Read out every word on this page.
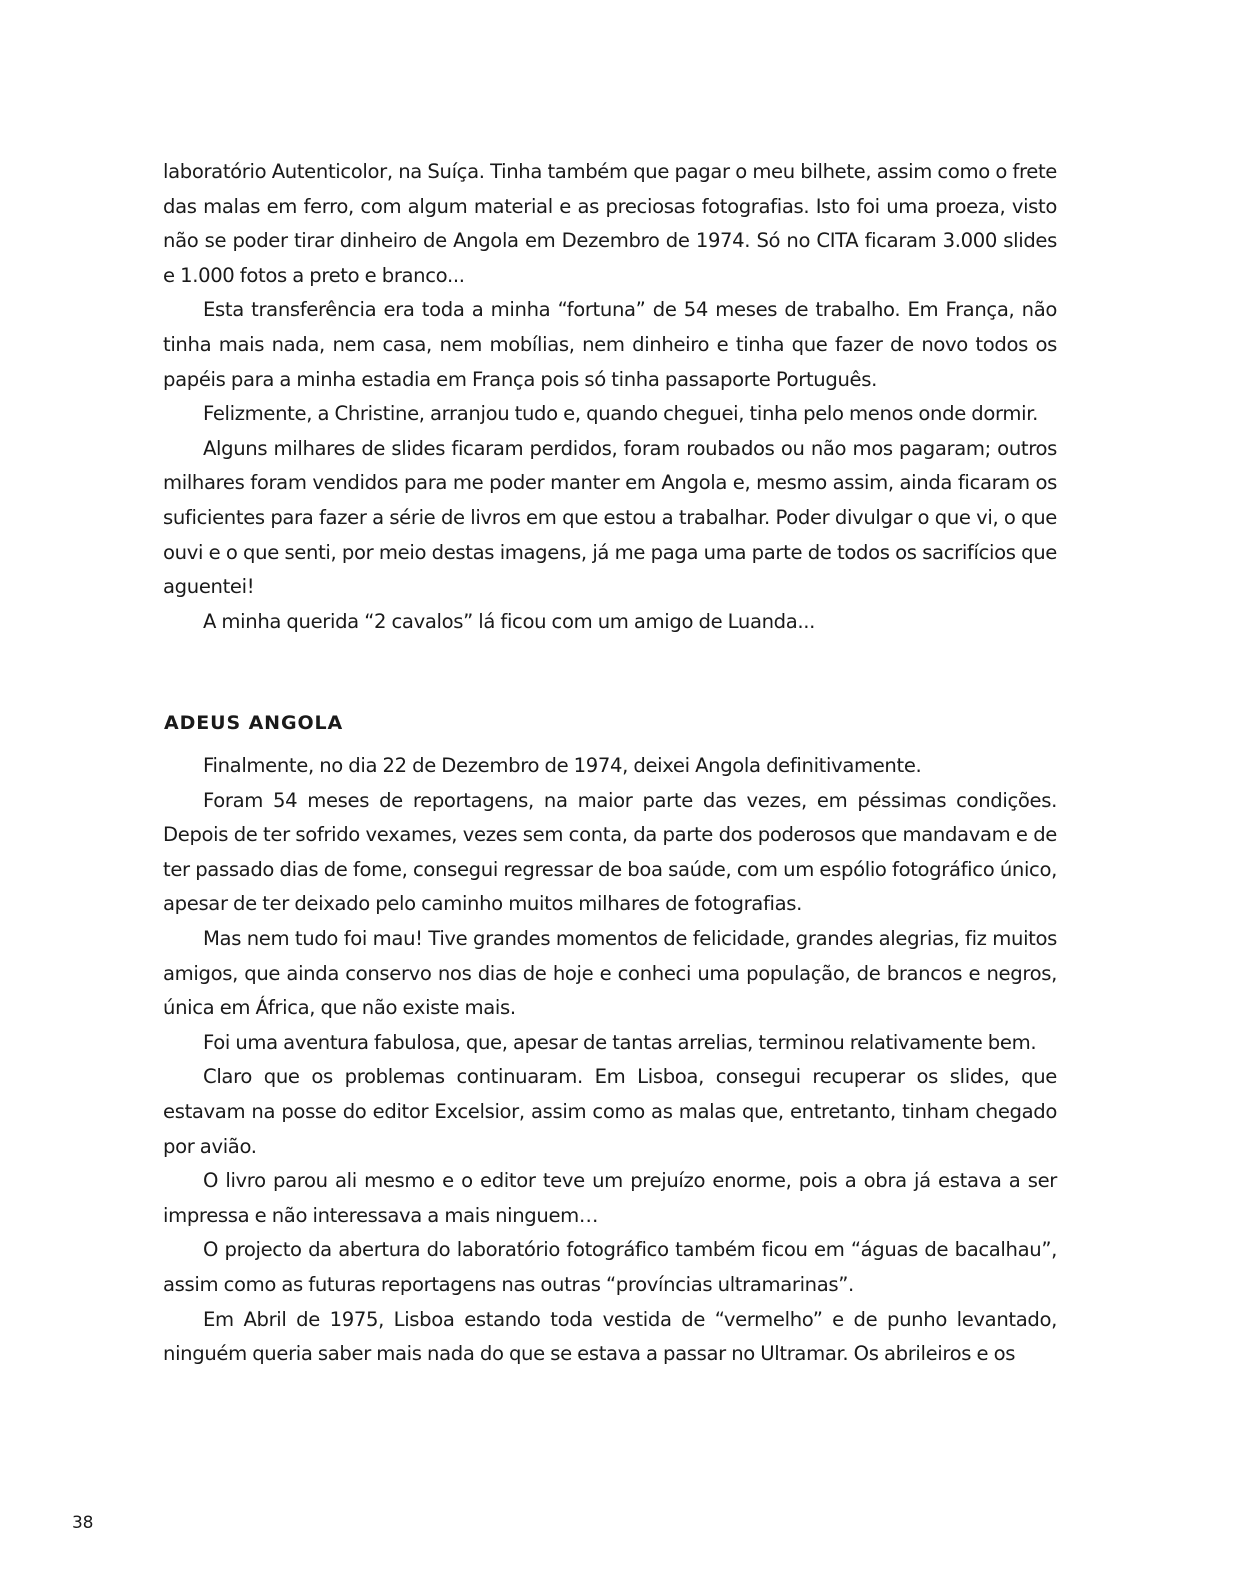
laboratório Autenticolor, na Suíça. Tinha também que pagar o meu bilhete, assim como o frete das malas em ferro, com algum material e as preciosas fotografias. Isto foi uma proeza, visto não se poder tirar dinheiro de Angola em Dezembro de 1974. Só no CITA ficaram 3.000 slides e 1.000 fotos a preto e branco...

Esta transferência era toda a minha “fortuna” de 54 meses de trabalho. Em França, não tinha mais nada, nem casa, nem mobílias, nem dinheiro e tinha que fazer de novo todos os papéis para a minha estadia em França pois só tinha passaporte Português.

Felizmente, a Christine, arranjou tudo e, quando cheguei, tinha pelo menos onde dormir.

Alguns milhares de slides ficaram perdidos, foram roubados ou não mos pagaram; outros milhares foram vendidos para me poder manter em Angola e, mesmo assim, ainda ficaram os suficientes para fazer a série de livros em que estou a trabalhar. Poder divulgar o que vi, o que ouvi e o que senti, por meio destas imagens, já me paga uma parte de todos os sacrifícios que aguentei!

A minha querida “2 cavalos” lá ficou com um amigo de Luanda...

ADEUS ANGOLA

Finalmente, no dia 22 de Dezembro de 1974, deixei Angola definitivamente.

Foram 54 meses de reportagens, na maior parte das vezes, em péssimas condições. Depois de ter sofrido vexames, vezes sem conta, da parte dos poderosos que mandavam e de ter passado dias de fome, consegui regressar de boa saúde, com um espólio fotográfico único, apesar de ter deixado pelo caminho muitos milhares de fotografias.

Mas nem tudo foi mau! Tive grandes momentos de felicidade, grandes alegrias, fiz muitos amigos, que ainda conservo nos dias de hoje e conheci uma população, de brancos e negros, única em África, que não existe mais.

Foi uma aventura fabulosa, que, apesar de tantas arrelias, terminou relativamente bem.

Claro que os problemas continuaram. Em Lisboa, consegui recuperar os slides, que estavam na posse do editor Excelsior, assim como as malas que, entretanto, tinham chegado por avião.

O livro parou ali mesmo e o editor teve um prejuízo enorme, pois a obra já estava a ser impressa e não interessava a mais ninguem…

O projecto da abertura do laboratório fotográfico também ficou em “águas de bacalhau”, assim como as futuras reportagens nas outras “províncias ultramarinas”.

Em Abril de 1975, Lisboa estando toda vestida de “vermelho” e de punho levantado, ninguém queria saber mais nada do que se estava a passar no Ultramar. Os abrileiros e os

38
